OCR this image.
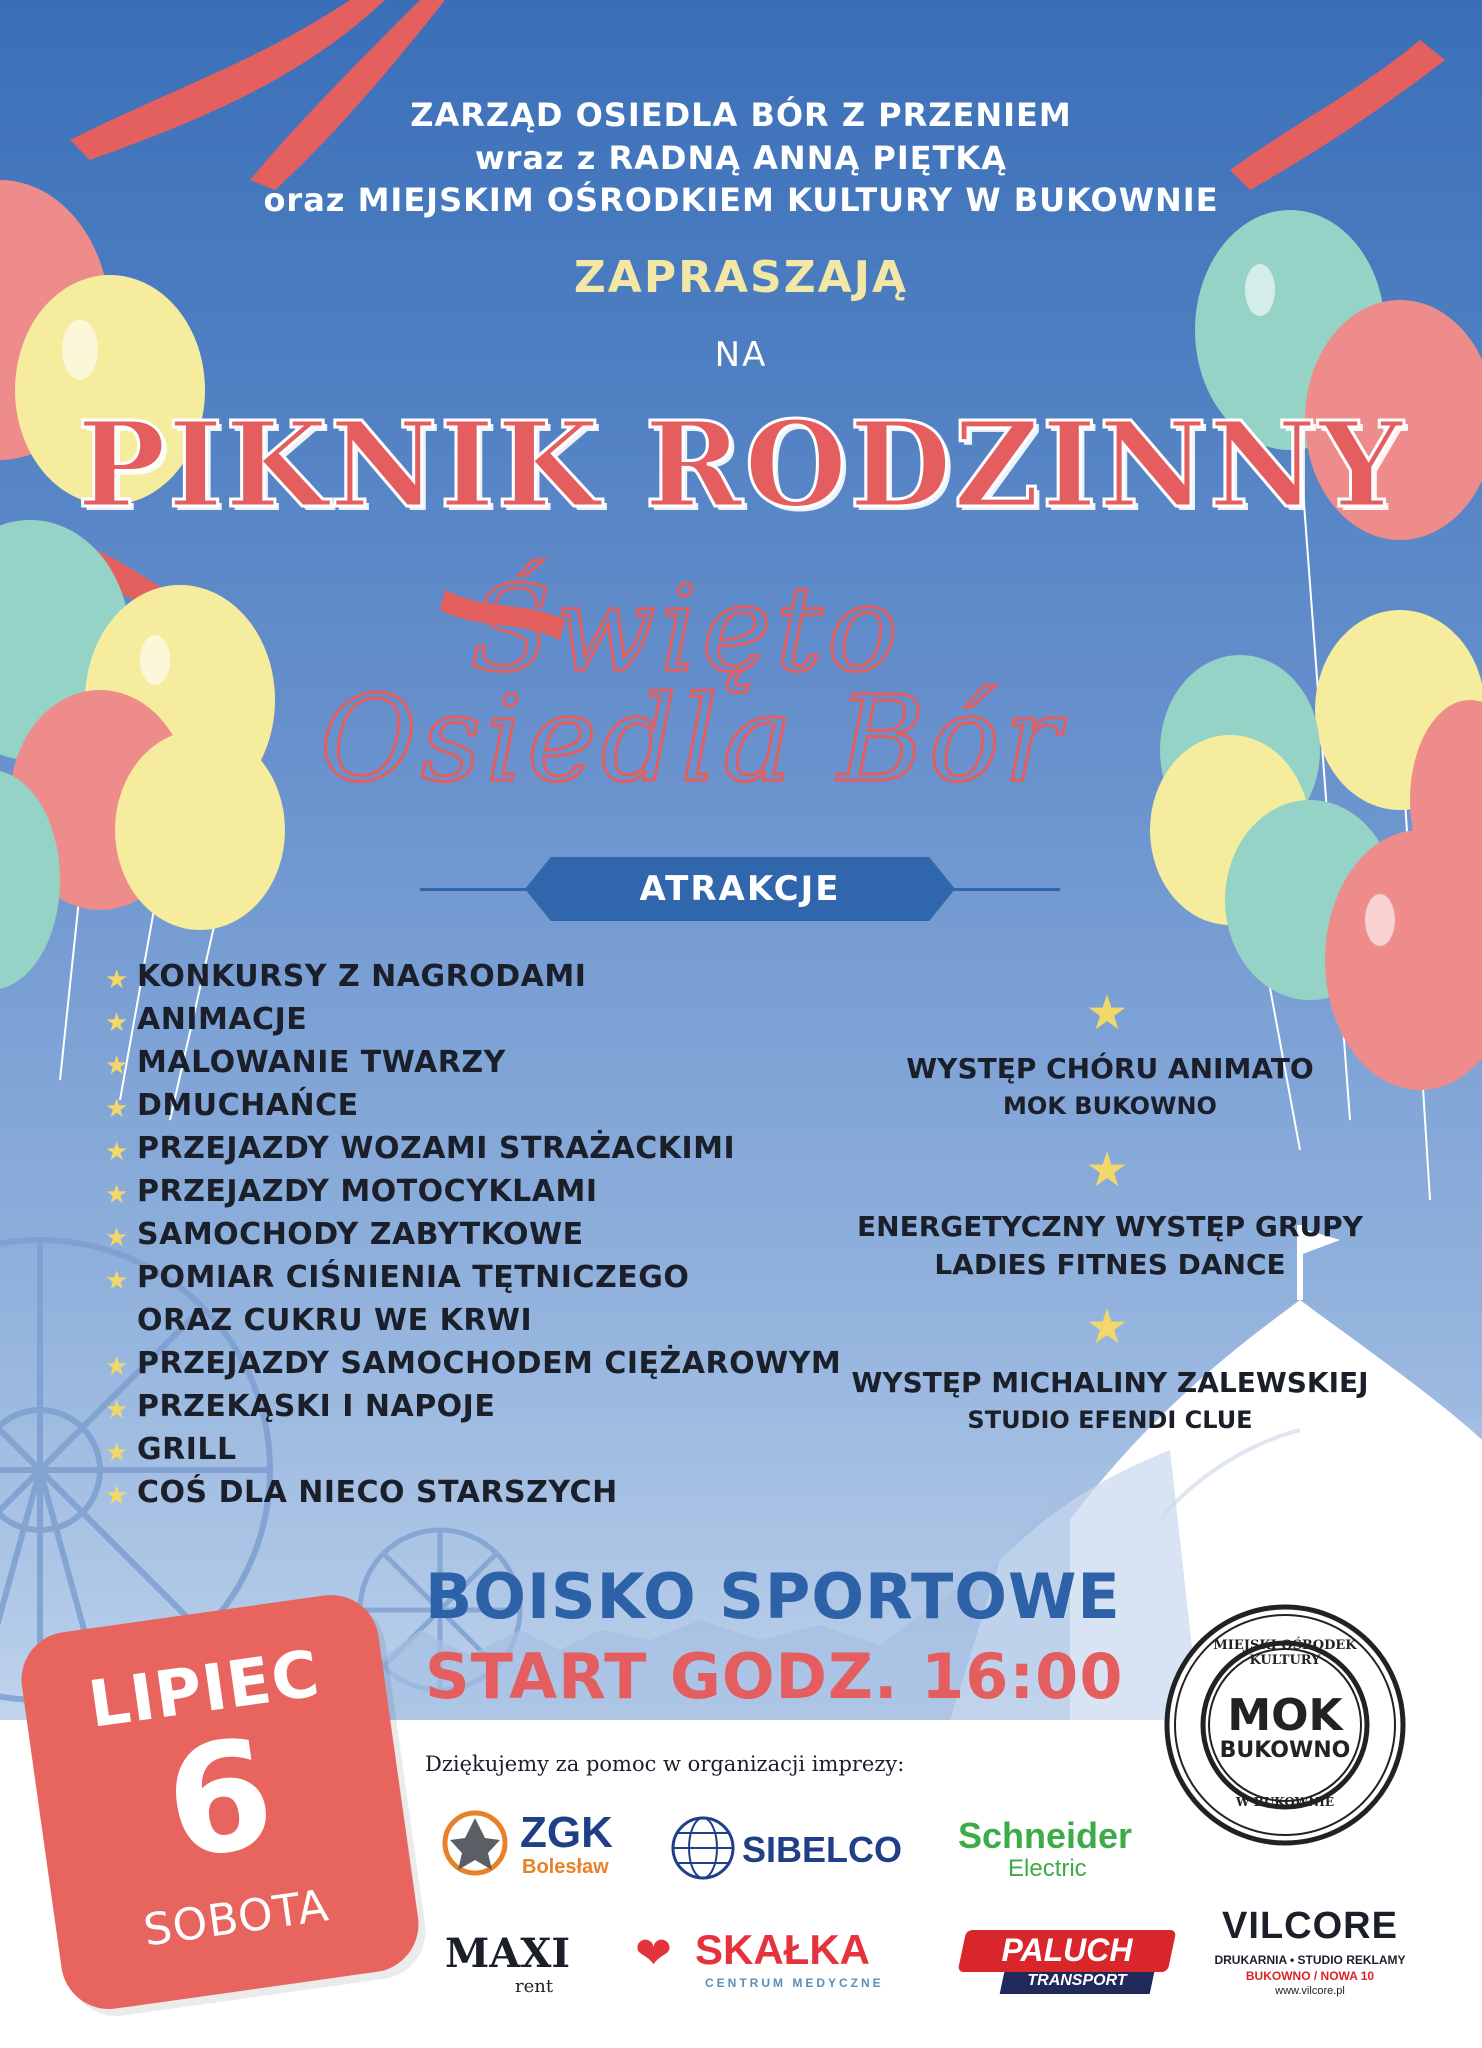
ZARZĄD OSIEDLA BÓR Z PRZENIEM
wraz z RADNĄ ANNĄ PIĘTKĄ
oraz MIEJSKIM OŚRODKIEM KULTURY W BUKOWNIE
ZAPRASZAJĄ
NA
PIKNIK RODZINNY
Święto
Osiedla Bór
ATRAKCJE
★ KONKURSY Z NAGRODAMI
★ ANIMACJE
★ MALOWANIE TWARZY
★ DMUCHAŃCE
★ PRZEJAZDY WOZAMI STRAŻACKIMI
★ PRZEJAZDY MOTOCYKLAMI
★ SAMOCHODY ZABYTKOWE
★ POMIAR CIŚNIENIA TĘTNICZEGO
ORAZ CUKRU WE KRWI
★ PRZEJAZDY SAMOCHODEM CIĘŻAROWYM
★ PRZEKĄSKI I NAPOJE
★ GRILL
★ COŚ DLA NIECO STARSZYCH
★
WYSTĘP CHÓRU ANIMATO
MOK BUKOWNO
★
ENERGETYCZNY WYSTĘP GRUPY
LADIES FITNES DANCE
★
WYSTĘP MICHALINY ZALEWSKIEJ
STUDIO EFENDI CLUE
BOISKO SPORTOWE
START GODZ. 16:00
LIPIEC
6
SOBOTA
MIEJSKI OŚRODEK KULTURY
W BUKOWNIE
MOK
BUKOWNO
Dziękujemy za pomoc w organizacji imprezy:
ZGK
Bolesław	SIBELCO Schneider
Electric
MAXI
rent
❤ SKAŁKA
CENTRUM MEDYCZNE
PALUCH
TRANSPORT
VILCORE
DRUKARNIA • STUDIO REKLAMY
BUKOWNO / NOWA 10
www.vilcore.pl
